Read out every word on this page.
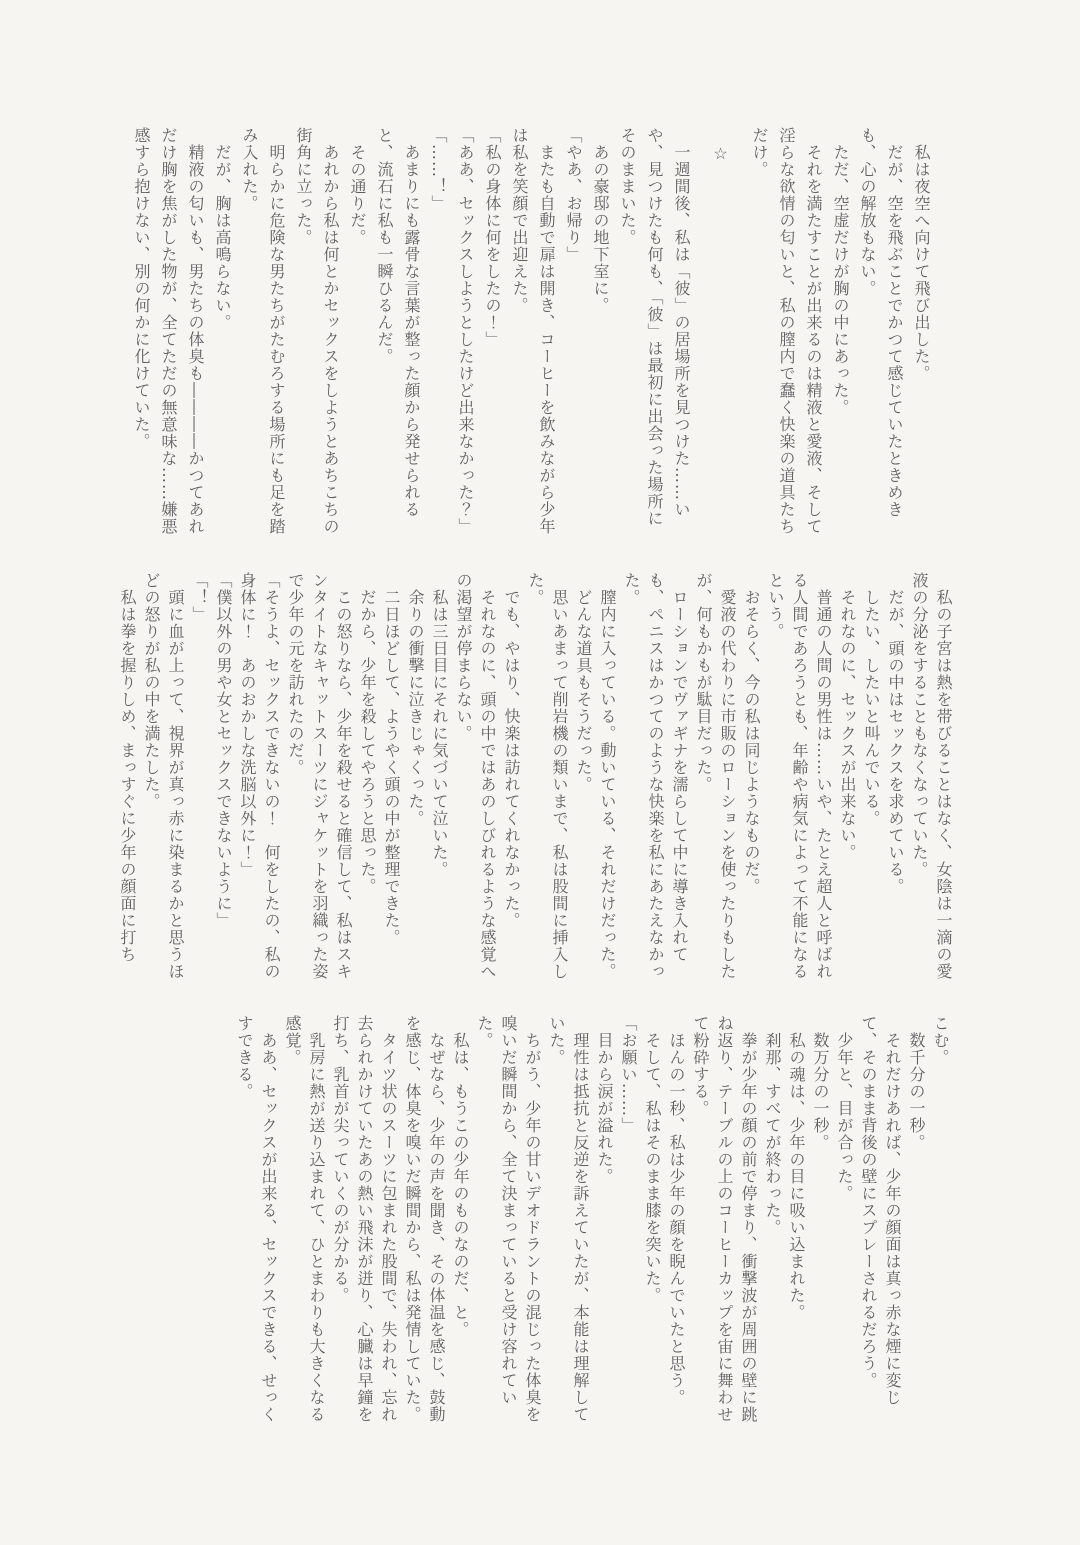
私は夜空へ向けて飛び出した。

だが、空を飛ぶことでかつて感じていたときめきも、心の解放もない。

ただ、空虚だけが胸の中にあった。

それを満たすことが出来るのは精液と愛液、そして淫らな欲情の匂いと、私の膣内で蠢く快楽の道具たちだけ。

☆

一週間後、私は「彼」の居場所を見つけた……いや、見つけたも何も、「彼」は最初に出会った場所にそのままいた。

あの豪邸の地下室に。

「やあ、お帰り」

またも自動で扉は開き、コーヒーを飲みながら少年は私を笑顔で出迎えた。

「私の身体に何をしたの！」

「ああ、セックスしようとしたけど出来なかった？」

「……！」

あまりにも露骨な言葉が整った顔から発せられると、流石に私も一瞬ひるんだ。

その通りだ。

あれから私は何とかセックスをしようとあちこちの街角に立った。

明らかに危険な男たちがたむろする場所にも足を踏み入れた。

だが、胸は高鳴らない。

精液の匂いも、男たちの体臭も――――かつてあれだけ胸を焦がした物が、全てただの無意味な……嫌悪感すら抱けない、別の何かに化けていた。

私の子宮は熱を帯びることはなく、女陰は一滴の愛液の分泌をすることもなくなっていた。

だが、頭の中はセックスを求めている。

したい、したいと叫んでいる。

それなのに、セックスが出来ない。

普通の人間の男性は……いや、たとえ超人と呼ばれる人間であろうとも、年齢や病気によって不能になるという。

おそらく、今の私は同じようなものだ。

愛液の代わりに市販のローションを使ったりもしたが、何もかもが駄目だった。

ローションでヴァギナを濡らして中に導き入れても、ペニスはかつてのような快楽を私にあたえなかった。

膣内に入っている。動いている、それだけだった。

どんな道具もそうだった。

思いあまって削岩機の類いまで、私は股間に挿入した。

でも、やはり、快楽は訪れてくれなかった。

それなのに、頭の中ではあのしびれるような感覚への渇望が停まらない。

私は三日目にそれに気づいて泣いた。

余りの衝撃に泣きじゃくった。

二日ほどして、ようやく頭の中が整理できた。

だから、少年を殺してやろうと思った。

この怒りなら、少年を殺せると確信して、私はスキンタイトなキャットスーツにジャケットを羽織った姿で少年の元を訪れたのだ。

「そうよ、セックスできないの！　何をしたの、私の身体に！　あのおかしな洗脳以外に！」

「僕以外の男や女とセックスできないように」

「！」

頭に血が上って、視界が真っ赤に染まるかと思うほどの怒りが私の中を満たした。

私は拳を握りしめ、まっすぐに少年の顔面に打ち

こむ。

数千分の一秒。

それだけあれば、少年の顔面は真っ赤な煙に変じて、そのまま背後の壁にスプレーされるだろう。

少年と、目が合った。

数万分の一秒。

私の魂は、少年の目に吸い込まれた。

刹那、すべてが終わった。

拳が少年の顔の前で停まり、衝撃波が周囲の壁に跳ね返り、テーブルの上のコーヒーカップを宙に舞わせて粉砕する。

ほんの一秒、私は少年の顔を睨んでいたと思う。

そして、私はそのまま膝を突いた。

「お願い……」

目から涙が溢れた。

理性は抵抗と反逆を訴えていたが、本能は理解していた。

ちがう、少年の甘いデオドラントの混じった体臭を嗅いだ瞬間から、全て決まっていると受け容れていた。

私は、もうこの少年のものなのだ、と。

なぜなら、少年の声を聞き、その体温を感じ、鼓動を感じ、体臭を嗅いだ瞬間から、私は発情していた。

タイツ状のスーツに包まれた股間で、失われ、忘れ去られかけていたあの熱い飛沫が迸り、心臓は早鐘を打ち、乳首が尖っていくのが分かる。

乳房に熱が送り込まれて、ひとまわりも大きくなる感覚。

ああ、セックスが出来る、セックスできる、せっくすできる。
